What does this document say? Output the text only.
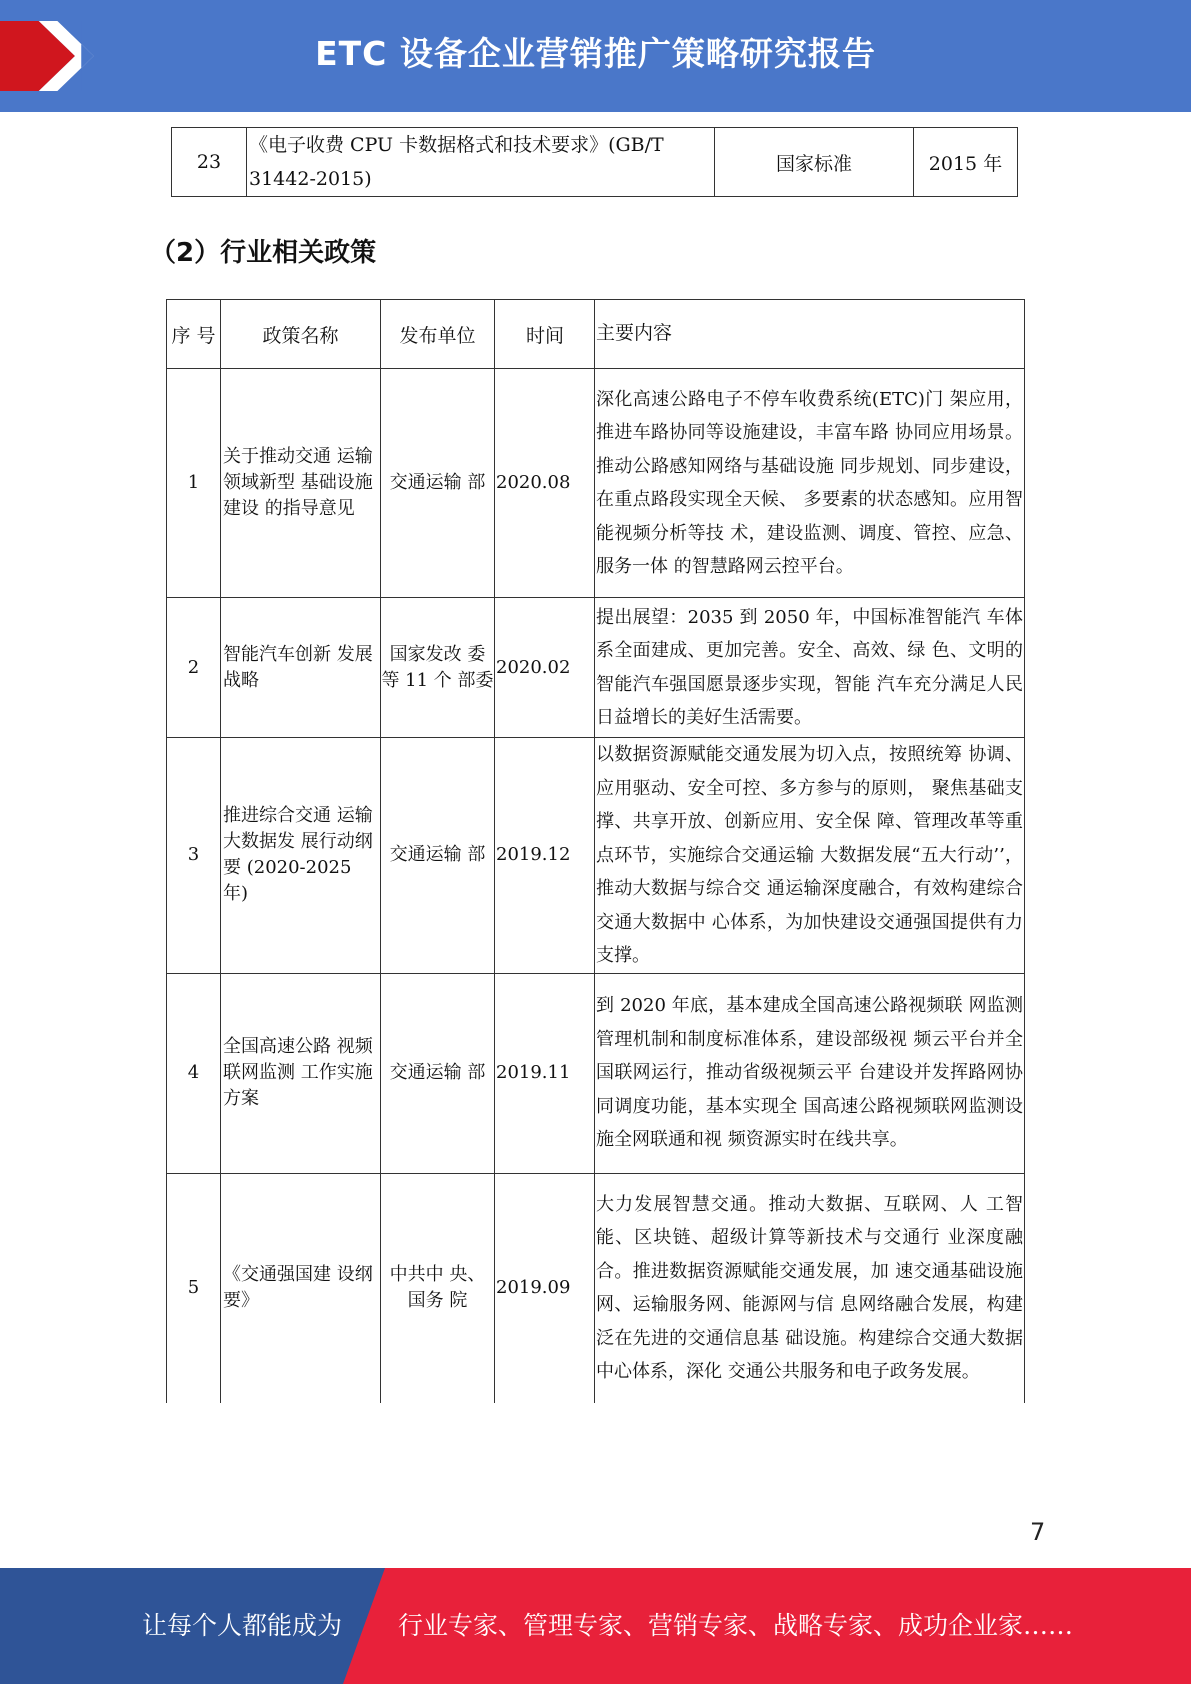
ETC 设备企业营销推广策略研究报告
23	《电子收费 CPU 卡数据格式和技术要求》(GB/T 31442-2015)	国家标准	2015 年
（2）行业相关政策
序 号	政策名称	发布单位	时间	主要内容
1	关于推动交通 运输领域新型 基础设施建设 的指导意见	交通运输 部	2020.08	深化高速公路电子不停车收费系统(ETC)门 架应用，推进车路协同等设施建设，丰富车路 协同应用场景。推动公路感知网络与基础设施 同步规划、同步建设，在重点路段实现全天候、 多要素的状态感知。应用智能视频分析等技 术，建设监测、调度、管控、应急、服务一体 的智慧路网云控平台。
2	智能汽车创新 发展战略	国家发改 委等 11 个 部委	2020.02	提出展望：2035 到 2050 年，中国标准智能汽 车体系全面建成、更加完善。安全、高效、绿 色、文明的智能汽车强国愿景逐步实现，智能 汽车充分满足人民日益增长的美好生活需要。
3	推进综合交通 运输大数据发 展行动纲要 (2020-2025 年)	交通运输 部	2019.12	以数据资源赋能交通发展为切入点，按照统筹 协调、应用驱动、安全可控、多方参与的原则， 聚焦基础支撑、共享开放、创新应用、安全保 障、管理改革等重点环节，实施综合交通运输 大数据发展“五大行动’’，推动大数据与综合交 通运输深度融合，有效构建综合交通大数据中 心体系，为加快建设交通强国提供有力支撑。
4	全国高速公路 视频联网监测 工作实施方案	交通运输 部	2019.11	到 2020 年底，基本建成全国高速公路视频联 网监测管理机制和制度标准体系，建设部级视 频云平台并全国联网运行，推动省级视频云平 台建设并发挥路网协同调度功能，基本实现全 国高速公路视频联网监测设施全网联通和视 频资源实时在线共享。
5	《交通强国建 设纲要》	中共中 央、国务 院	2019.09	大力发展智慧交通。推动大数据、互联网、人 工智能、区块链、超级计算等新技术与交通行 业深度融合。推进数据资源赋能交通发展，加 速交通基础设施网、运输服务网、能源网与信 息网络融合发展，构建泛在先进的交通信息基 础设施。构建综合交通大数据中心体系，深化 交通公共服务和电子政务发展。
7
让每个人都能成为 行业专家、管理专家、营销专家、战略专家、成功企业家……
